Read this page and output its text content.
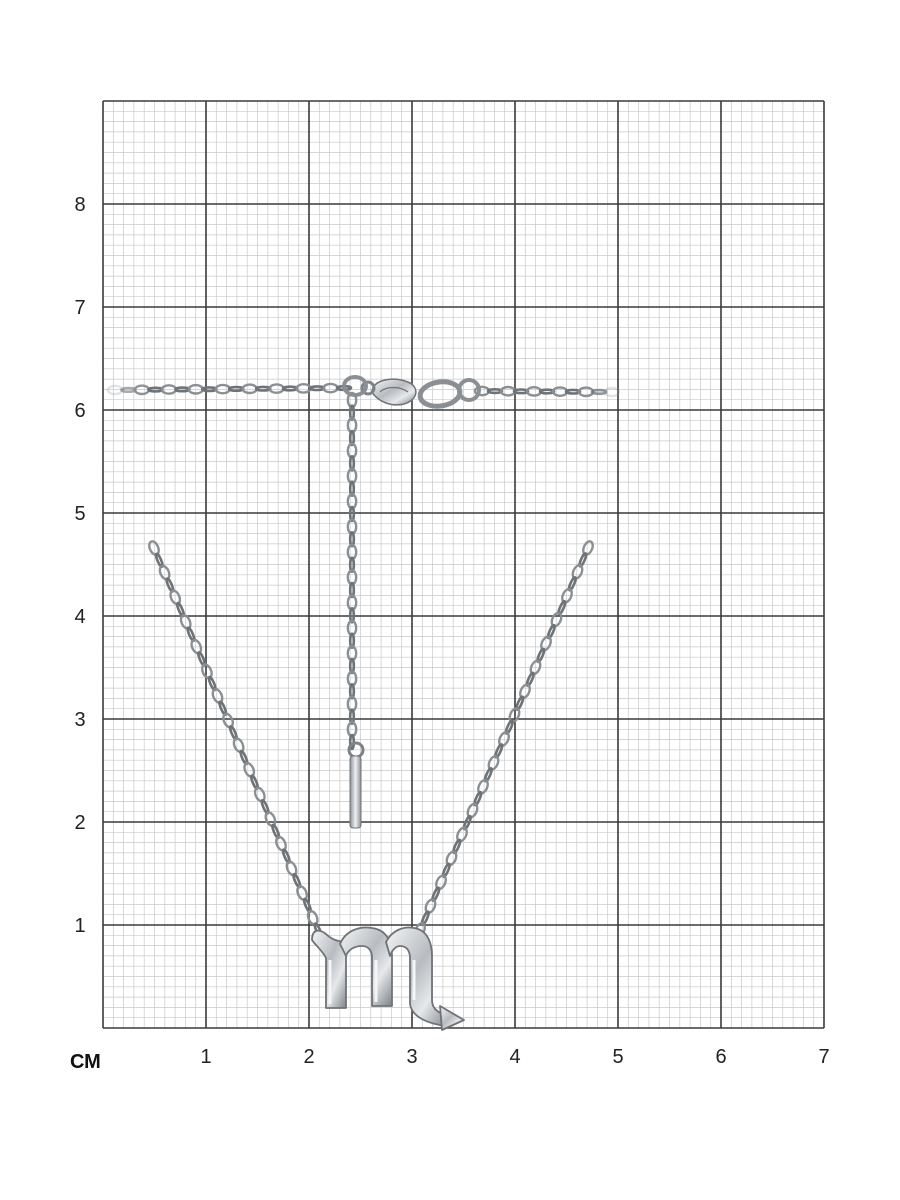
1
2
3
4
5
6
7
8
1	2	3	4	5	6	7
СМ
